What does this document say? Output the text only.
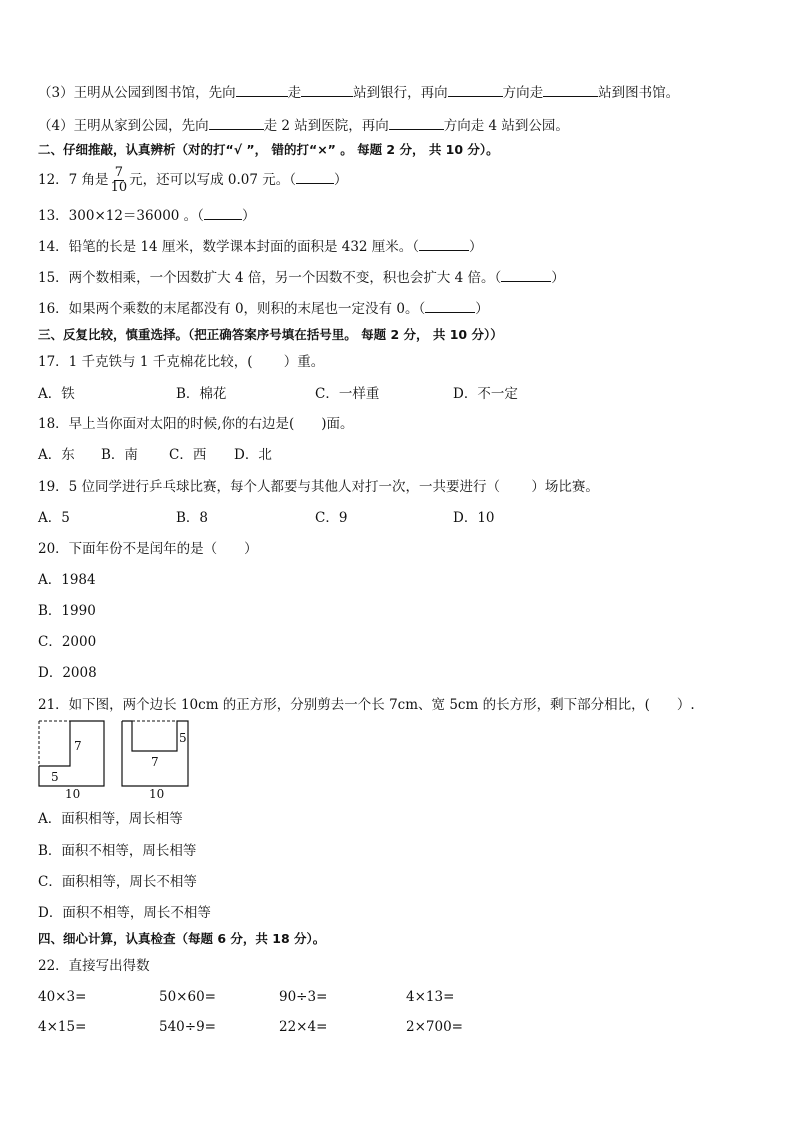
（3）王明从公园到图书馆，先向	走	站到银行，再向	方向走	站到图书馆。
（4）王明从家到公园，先向	走 2 站到医院，再向	方向走 4 站到公园。
二、仔细推敲，认真辨析（对的打“√ ”， 错的打“×” 。 每题 2 分， 共 10 分）。
12．7 角是 $\frac{7}{10}$ 元，还可以写成 0.07 元。（	）
13．300×12＝36000 。（	）
14．铅笔的长是 14 厘米，数学课本封面的面积是 432 厘米。（	）
15．两个数相乘，一个因数扩大 4 倍，另一个因数不变，积也会扩大 4 倍。（	）
16．如果两个乘数的末尾都没有 0，则积的末尾也一定没有 0。（	）
三、反复比较，慎重选择。（把正确答案序号填在括号里。 每题 2 分， 共 10 分））
17．1 千克铁与 1 千克棉花比较，(　　 ）重。
A．铁	B．棉花	C．一样重	D．不一定
18．早上当你面对太阳的时候,你的右边是(　　)面。
A．东 B．南 C．西 D．北
19．5 位同学进行乒乓球比赛，每个人都要与其他人对打一次，一共要进行（　　 ）场比赛。
A．5	B．8	C．9	D．10
20．下面年份不是闰年的是（　　）
A．1984
B．1990
C．2000
D．2008
21．如下图，两个边长 10cm 的正方形，分别剪去一个长 7cm、宽 5cm 的长方形，剩下部分相比，(　　）.
7
5
10
5
7
10
A．面积相等，周长相等
B．面积不相等，周长相等
C．面积相等，周长不相等
D．面积不相等，周长不相等
四、细心计算，认真检查（每题 6 分，共 18 分）。
22．直接写出得数
40×3=	50×60=	90÷3=	4×13=
4×15=	540÷9=	22×4=	2×700=
